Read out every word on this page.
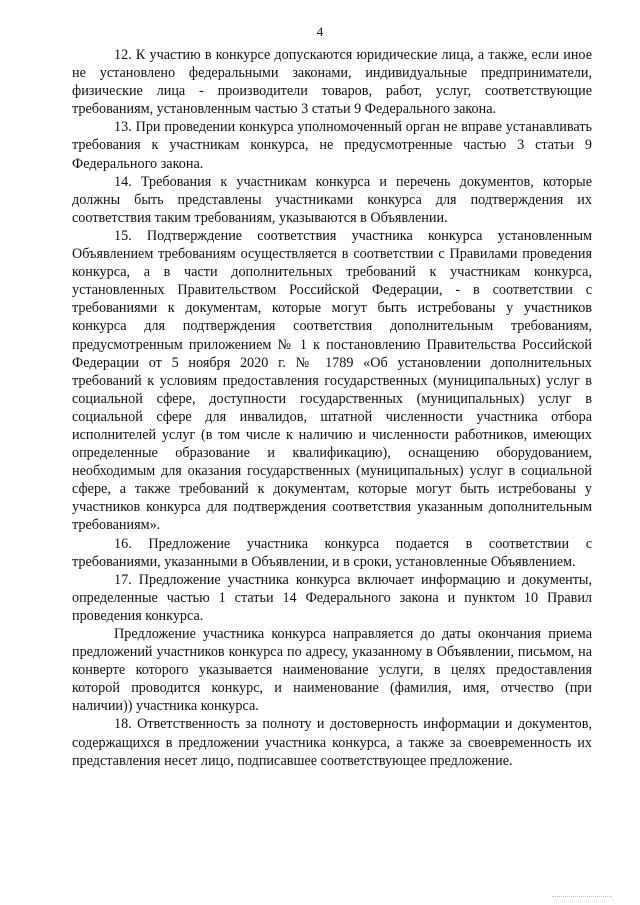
4

12. К участию в конкурсе допускаются юридические лица, а также, если иное не установлено федеральными законами, индивидуальные предприниматели, физические лица - производители товаров, работ, услуг, соответствующие требованиям, установленным частью 3 статьи 9 Федерального закона.

13. При проведении конкурса уполномоченный орган не вправе устанавливать требования к участникам конкурса, не предусмотренные частью 3 статьи 9 Федерального закона.

14. Требования к участникам конкурса и перечень документов, которые должны быть представлены участниками конкурса для подтверждения их соответствия таким требованиям, указываются в Объявлении.

15. Подтверждение соответствия участника конкурса установленным Объявлением требованиям осуществляется в соответствии с Правилами проведения конкурса, а в части дополнительных требований к участникам конкурса, установленных Правительством Российской Федерации, - в соответствии с требованиями к документам, которые могут быть истребованы у участников конкурса для подтверждения соответствия дополнительным требованиям, предусмотренным приложением № 1 к постановлению Правительства Российской Федерации от 5 ноября 2020 г. № 1789 «Об установлении дополнительных требований к условиям предоставления государственных (муниципальных) услуг в социальной сфере, доступности государственных (муниципальных) услуг в социальной сфере для инвалидов, штатной численности участника отбора исполнителей услуг (в том числе к наличию и численности работников, имеющих определенные образование и квалификацию), оснащению оборудованием, необходимым для оказания государственных (муниципальных) услуг в социальной сфере, а также требований к документам, которые могут быть истребованы у участников конкурса для подтверждения соответствия указанным дополнительным требованиям».

16. Предложение участника конкурса подается в соответствии с требованиями, указанными в Объявлении, и в сроки, установленные Объявлением.

17. Предложение участника конкурса включает информацию и документы, определенные частью 1 статьи 14 Федерального закона и пунктом 10 Правил проведения конкурса.

Предложение участника конкурса направляется до даты окончания приема предложений участников конкурса по адресу, указанному в Объявлении, письмом, на конверте которого указывается наименование услуги, в целях предоставления которой проводится конкурс, и наименование (фамилия, имя, отчество (при наличии)) участника конкурса.

18. Ответственность за полноту и достоверность информации и документов, содержащихся в предложении участника конкурса, а также за своевременность их представления несет лицо, подписавшее соответствующее предложение.
